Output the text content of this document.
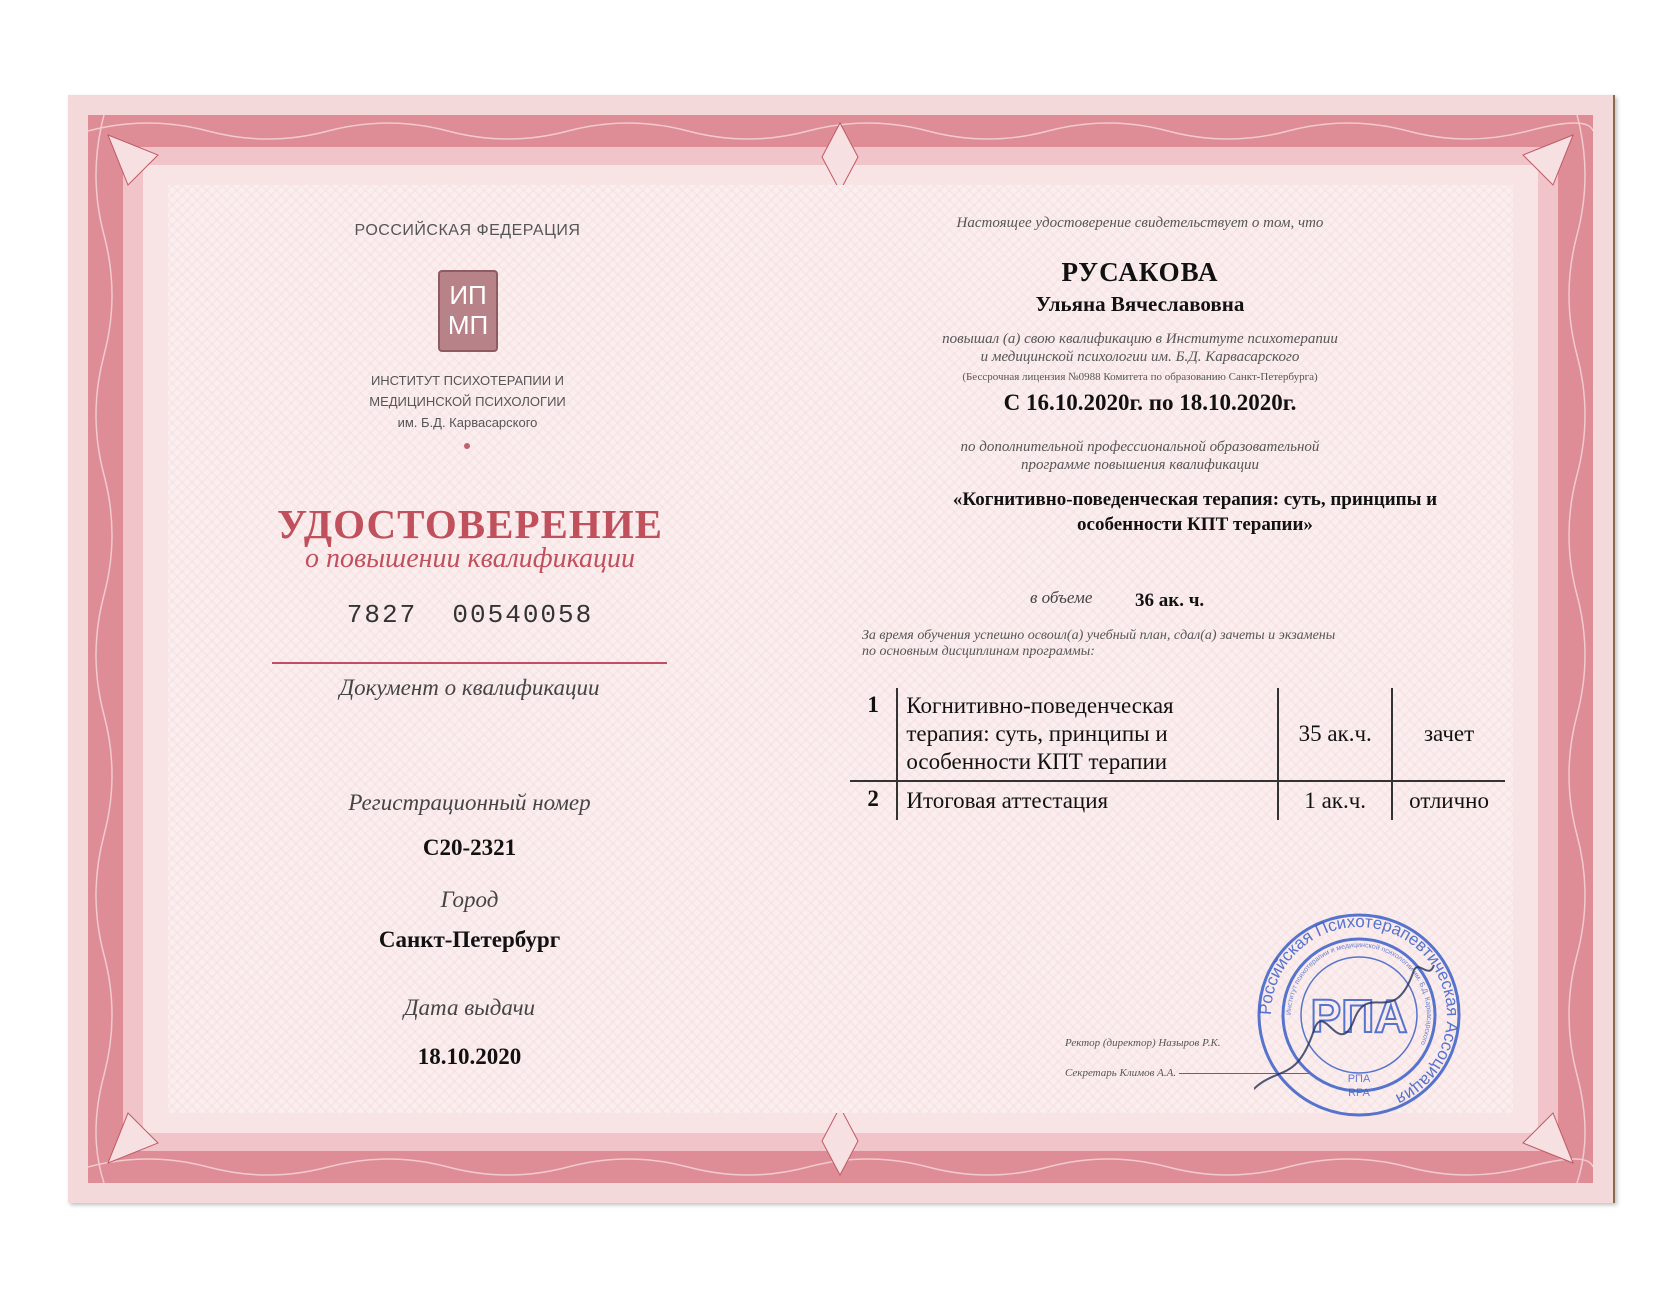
РОССИЙСКАЯ ФЕДЕРАЦИЯ
ИП
МП
ИНСТИТУТ ПСИХОТЕРАПИИ И
МЕДИЦИНСКОЙ ПСИХОЛОГИИ
им. Б.Д. Карвасарского
УДОСТОВЕРЕНИЕ
о повышении квалификации
7827 00540058
Документ о квалификации
Регистрационный номер
С20-2321
Город
Санкт-Петербург
Дата выдачи
18.10.2020
Настоящее удостоверение свидетельствует о том, что
РУСАКОВА
Ульяна Вячеславовна
повышал (а) свою квалификацию в Институте психотерапии
и медицинской психологии им. Б.Д. Карвасарского
(Бессрочная лицензия №0988 Комитета по образованию Санкт-Петербурга)
С 16.10.2020г. по 18.10.2020г.
по дополнительной профессиональной образовательной
программе повышения квалификации
«Когнитивно-поведенческая терапия: суть, принципы и
особенности КПТ терапии»
в объеме 36 ак. ч.
За время обучения успешно освоил(а) учебный план, сдал(а) зачеты и экзамены
по основным дисциплинам программы:
1	Когнитивно-поведенческая
терапия: суть, принципы и
особенности КПТ терапии	35 ак.ч.	зачет
2	Итоговая аттестация	1 ак.ч.	отлично
Ректор (директор) Назыров Р.К.
Секретарь Климов А.А.
Российская Психотерапевтическая Ассоциация
Институт психотерапии и медицинской психологии им. Б.Д. Карвасарского
РПА
РПА
RPA
